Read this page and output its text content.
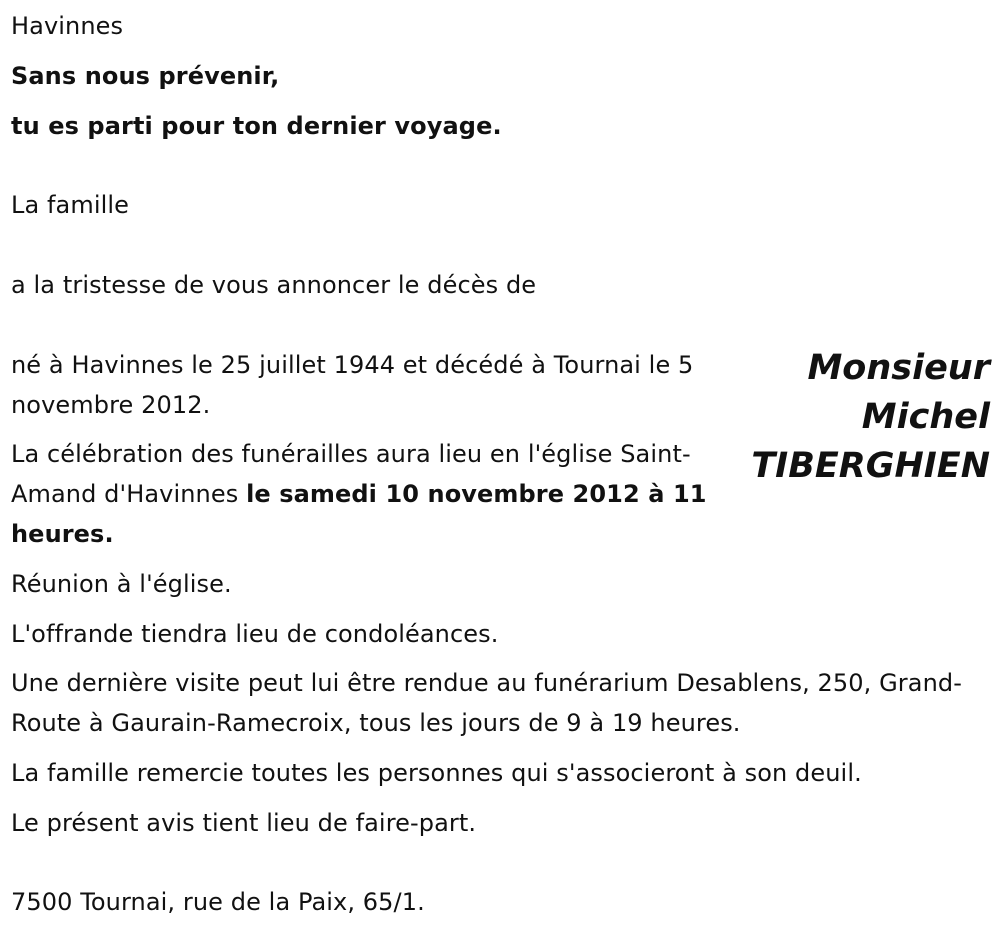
Havinnes

Sans nous prévenir,

tu es parti pour ton dernier voyage.

La famille

a la tristesse de vous annoncer le décès de

Monsieur
Michel
TIBERGHIEN

né à Havinnes le 25 juillet 1944 et décédé à Tournai le 5 novembre 2012.

La célébration des funérailles aura lieu en l'église Saint-Amand d'Havinnes le samedi 10 novembre 2012 à 11 heures.

Réunion à l'église.

L'offrande tiendra lieu de condoléances.

Une dernière visite peut lui être rendue au funérarium Desablens, 250, Grand-Route à Gaurain-Ramecroix, tous les jours de 9 à 19 heures.

La famille remercie toutes les personnes qui s'associeront à son deuil.

Le présent avis tient lieu de faire-part.

7500 Tournai, rue de la Paix, 65/1.
